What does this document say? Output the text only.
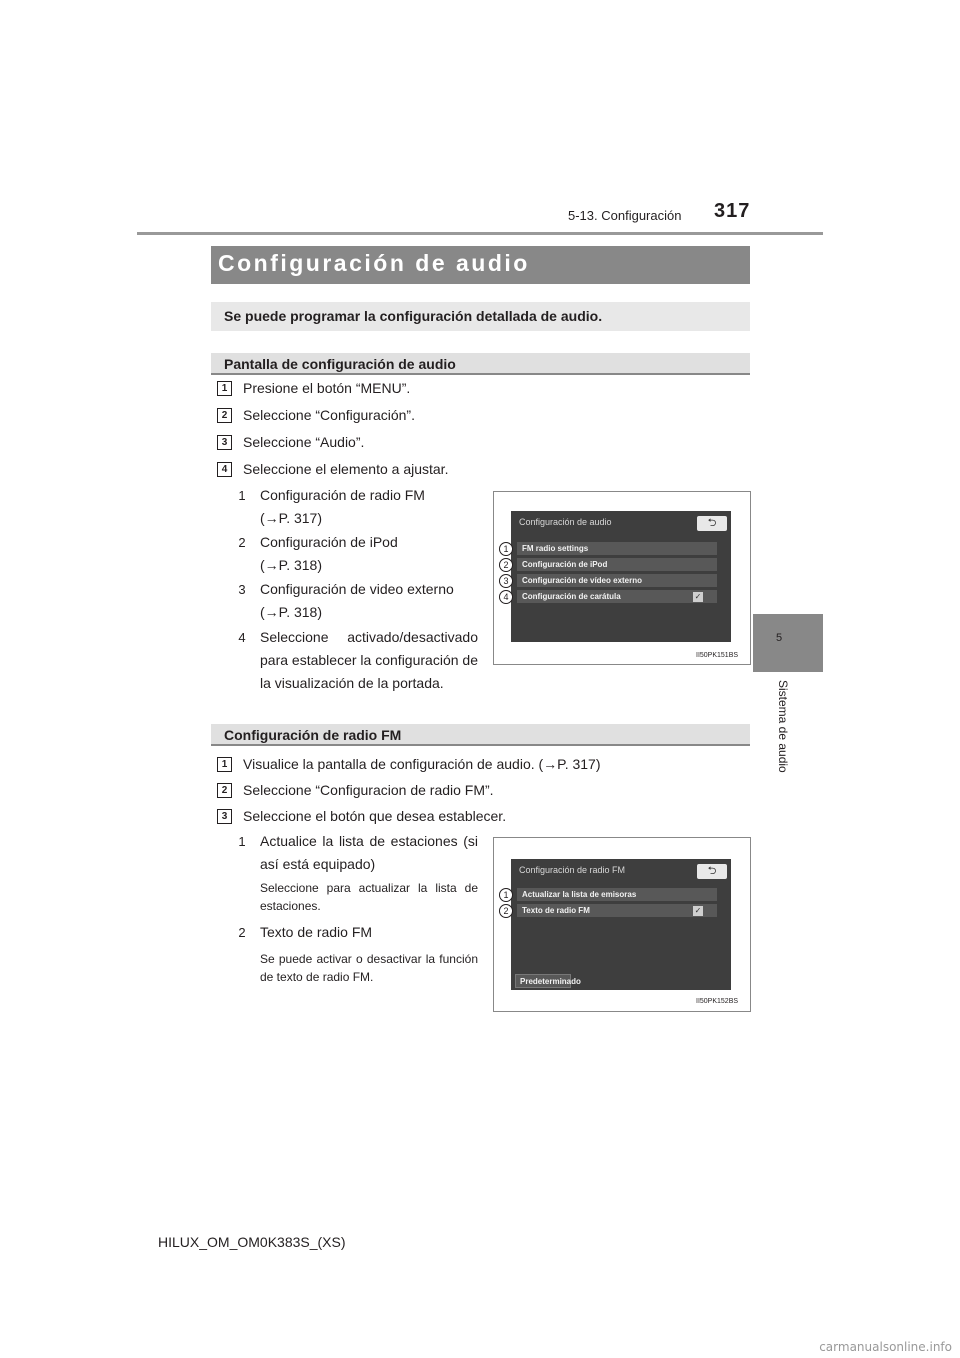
5-13. Configuración 317
5
Sistema de audio
Configuración de audio
Se puede programar la configuración detallada de audio.
Pantalla de configuración de audio
1	Presione el botón “MENU”.
2	Seleccione “Configuración”.
3	Seleccione “Audio”.
4	Seleccione el elemento a ajustar.
1 Configuración de radio FM
(→P. 317)
2 Configuración de iPod
(→P. 318)
3 Configuración de video externo
(→P. 318)
4 Seleccione activado/desactivado para establecer la configuración de la visualización de la portada.
Configuración de audio	⮌
FM radio settings
Configuración de iPod
Configuración de vídeo externo
Configuración de carátula	✓
1
2
3
4
II50PK151BS
Configuración de radio FM
1	Visualice la pantalla de configuración de audio. (→P. 317)
2	Seleccione “Configuracion de radio FM”.
3	Seleccione el botón que desea establecer.
1 Actualice la lista de estaciones (si así está equipado)
Seleccione para actualizar la lista de estaciones.
2 Texto de radio FM
Se puede activar o desactivar la función de texto de radio FM.
Configuración de radio FM	⮌
Actualizar la lista de emisoras
Texto de radio FM	✓
Predeterminado
1
2
II50PK152BS
HILUX_OM_OM0K383S_(XS)
carmanualsonline.info
